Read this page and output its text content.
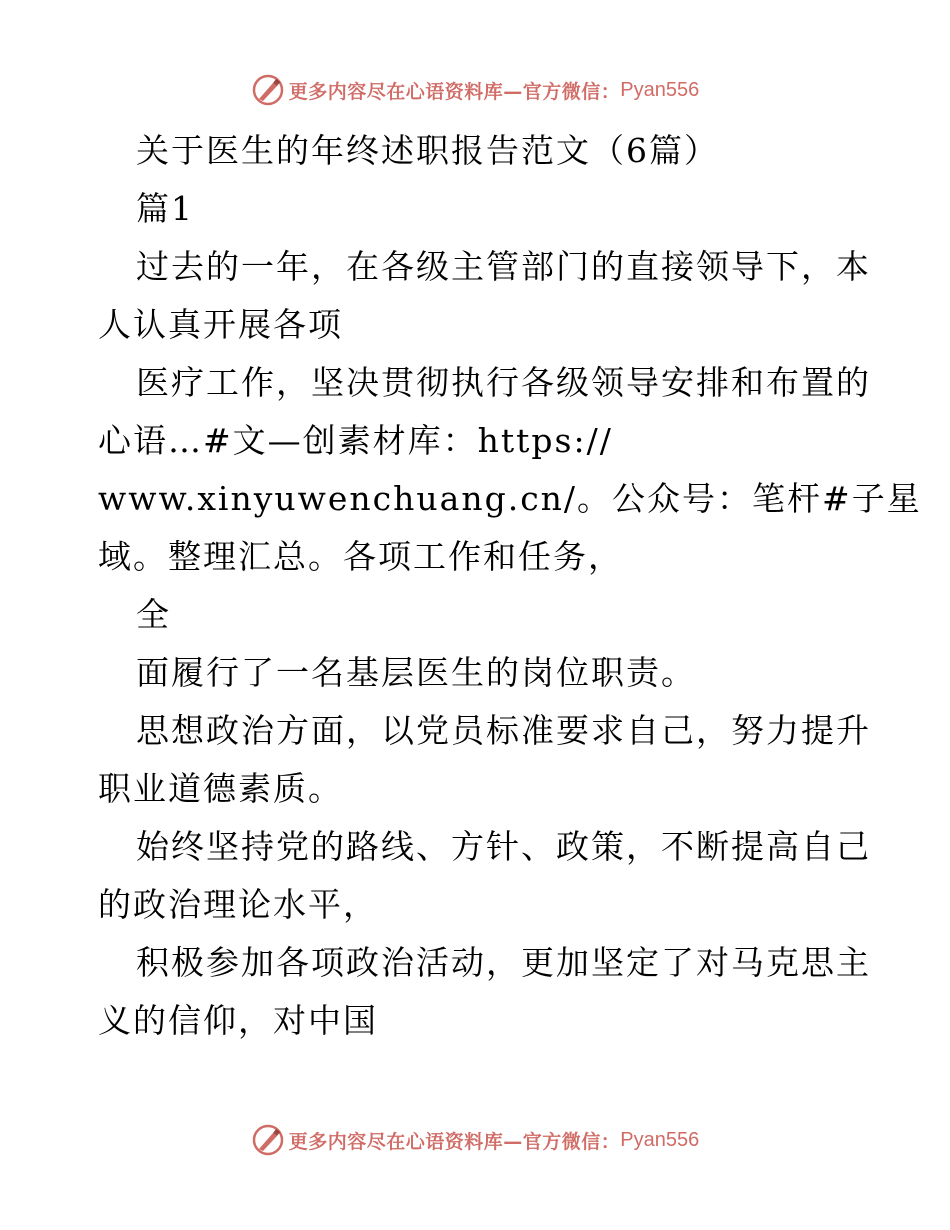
更多内容尽在心语资料库—官方微信： Pyan556
关于医生的年终述职报告范文（6篇）
篇1
过去的一年，在各级主管部门的直接领导下，本
人认真开展各项
医疗工作，坚决贯彻执行各级领导安排和布置的
心语…#文—创素材库：https://
www.xinyuwenchuang.cn/。公众号：笔杆#子星
域。整理汇总。各项工作和任务，
全
面履行了一名基层医生的岗位职责。
思想政治方面，以党员标准要求自己，努力提升
职业道德素质。
始终坚持党的路线、方针、政策，不断提高自己
的政治理论水平，
积极参加各项政治活动，更加坚定了对马克思主
义的信仰，对中国
更多内容尽在心语资料库—官方微信： Pyan556
